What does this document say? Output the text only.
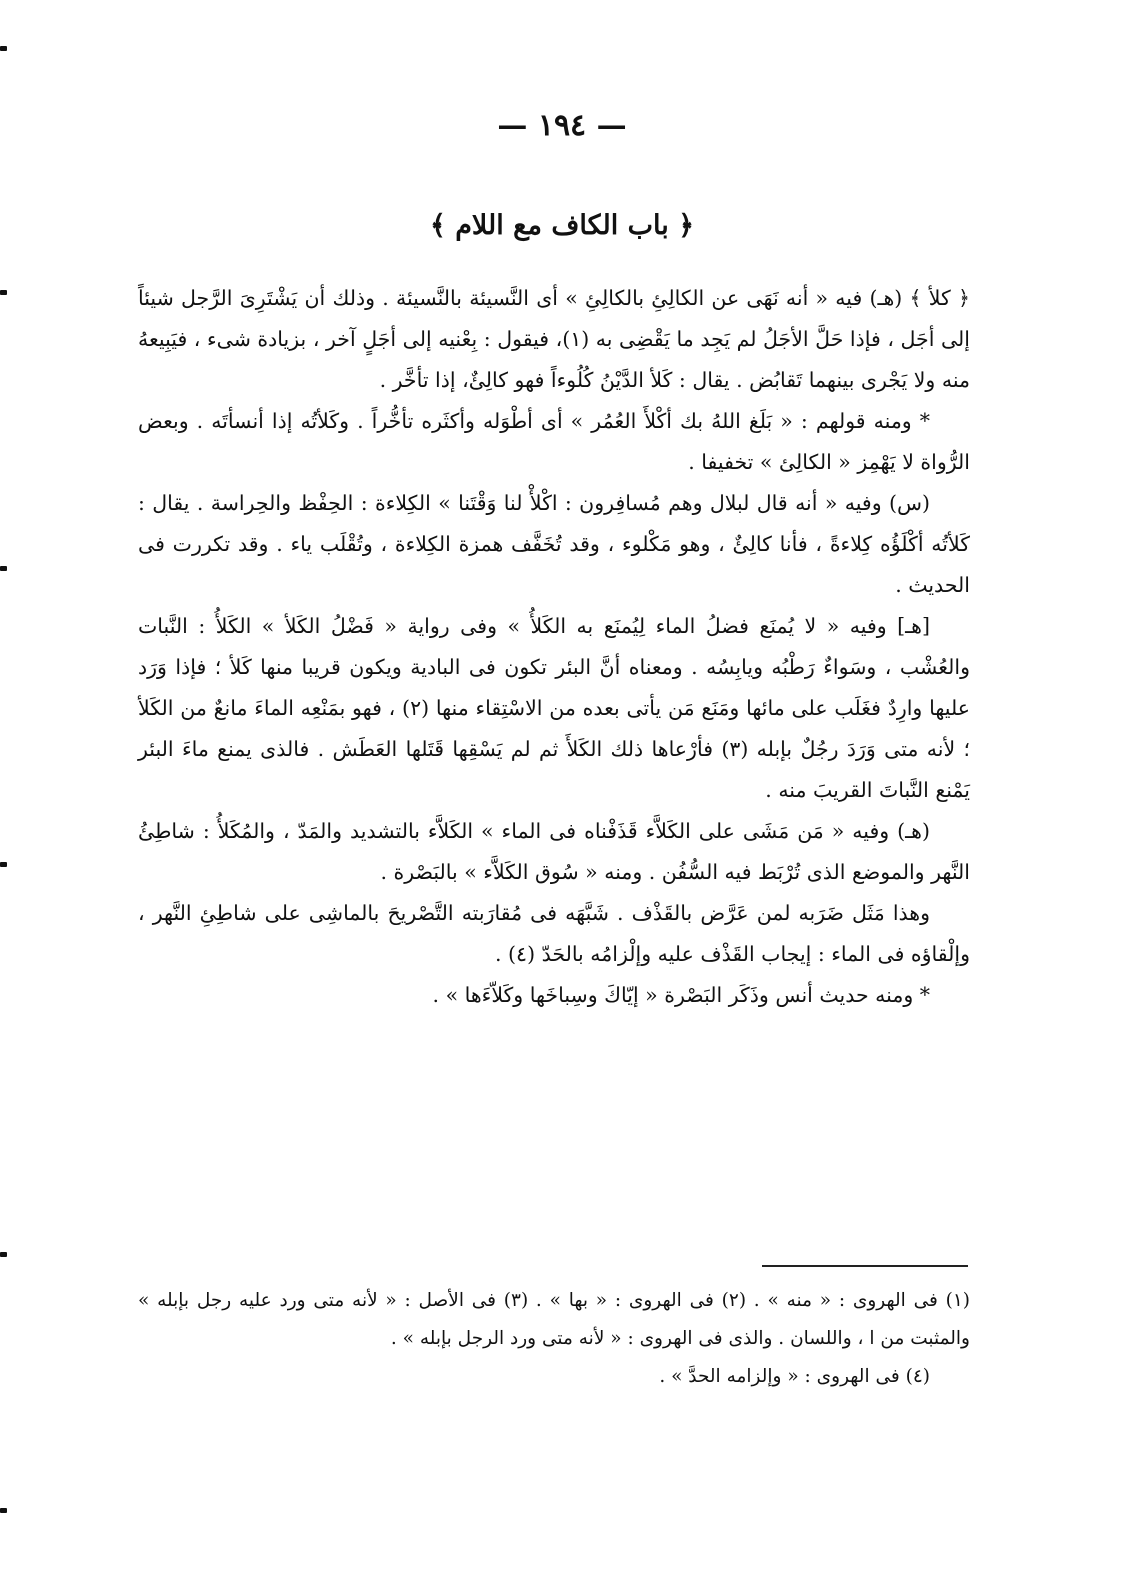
— ١٩٤ —
﴿ باب الكاف مع اللام ﴾

﴿ كلأ ﴾ (هـ) فيه « أنه نَهَى عن الكالِئِ بالكالِئِ » أى النَّسيئة بالنَّسيئة . وذلك أن يَشْتَرِىَ الرَّجل شيئاً إلى أجَل ، فإذا حَلَّ الأجَلُ لم يَجِد ما يَقْضِى به (١)، فيقول : بِعْنيه إلى أجَلٍ آخر ، بزيادة شىء ، فيَبِيعهُ منه ولا يَجْرى بينهما تَقابُض . يقال : كَلأ الدَّيْنُ كُلُوءاً فهو كالِئٌ، إذا تأخَّر .

* ومنه قولهم : « بَلَغ اللهُ بك أكْلأَ العُمُر » أى أطْوَله وأكثَره تأخُّراً . وكَلأتُه إذا أنسأتَه . وبعض الرُّواة لا يَهْمِز « الكالِئ » تخفيفا .

(س) وفيه « أنه قال لبلال وهم مُسافِرون : اكْلأْ لنا وَقْتَنا » الكِلاءة : الحِفْظ والحِراسة . يقال : كَلأتُه أكْلَؤُه كِلاءةً ، فأنا كالِئٌ ، وهو مَكْلوء ، وقد تُخَفَّف همزة الكِلاءة ، وتُقْلَب ياء . وقد تكررت فى الحديث .

[هـ] وفيه « لا يُمنَع فضلُ الماء لِيُمنَع به الكَلأُ » وفى رواية « فَضْلُ الكَلأ » الكَلأُ : النَّبات والعُشْب ، وسَواءٌ رَطْبُه ويابِسُه . ومعناه أنَّ البئر تكون فى البادية ويكون قريبا منها كَلأ ؛ فإذا وَرَد عليها وارِدٌ فغَلَب على مائها ومَنَع مَن يأتى بعده من الاسْتِقاء منها (٢) ، فهو بمَنْعِه الماءَ مانعٌ من الكَلأ ؛ لأنه متى وَرَدَ رجُلٌ بإبله (٣) فأرْعاها ذلك الكَلأَ ثم لم يَسْقِها قَتَلها العَطَش . فالذى يمنع ماءَ البئر يَمْنع النَّباتَ القريبَ منه .

(هـ) وفيه « مَن مَشَى على الكَلاَّء قَذَفْناه فى الماء » الكَلاَّء بالتشديد والمَدّ ، والمُكَلأُ : شاطِئُ النَّهر والموضع الذى تُرْبَط فيه السُّفُن . ومنه « سُوق الكَلاَّء » بالبَصْرة .

وهذا مَثَل ضَرَبه لمن عَرَّض بالقَذْف . شَبَّهَه فى مُقارَبته التَّصْريحَ بالماشِى على شاطِئِ النَّهر ، وإلْقاؤه فى الماء : إيجاب القَذْف عليه وإلْزامُه بالحَدّ (٤) .

* ومنه حديث أنس وذَكَر البَصْرة « إيّاكَ وسِباخَها وكَلاّءَها » .

(١) فى الهروى : « منه » . (٢) فى الهروى : « بها » . (٣) فى الأصل : « لأنه متى ورد عليه رجل بإبله » والمثبت من ا ، واللسان . والذى فى الهروى : « لأنه متى ورد الرجل بإبله » .

(٤) فى الهروى : « وإلزامه الحدَّ » .
